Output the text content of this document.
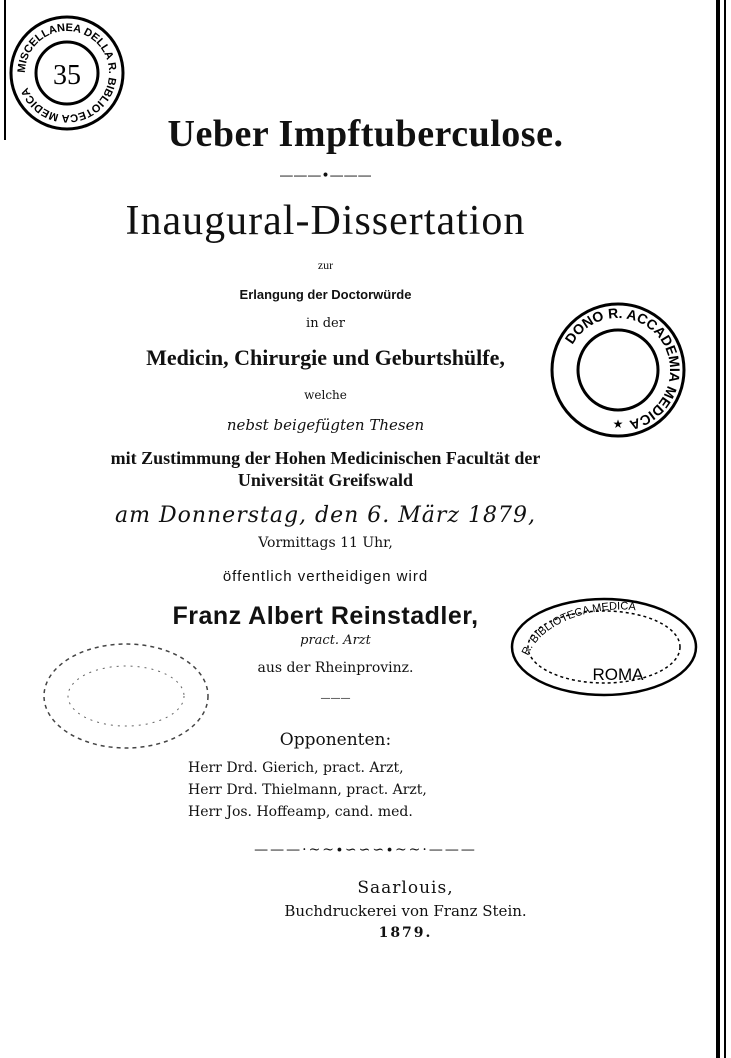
MISCELLANEA DELLA R. BIBLIOTECA MEDICA
35
DONO R. ACCADEMIA MEDICA
★
R. BIBLIOTECA MEDICA
ROMA
Ueber Impftuberculose.
———•———
Inaugural-Dissertation
zur
Erlangung der Doctorwürde
in der
Medicin, Chirurgie und Geburtshülfe,
welche
nebst beigefügten Thesen
mit Zustimmung der Hohen Medicinischen Facultät der
Universität Greifswald
am Donnerstag, den 6. März 1879,
Vormittags 11 Uhr,
öffentlich vertheidigen wird
Franz Albert Reinstadler,
pract. Arzt
aus der Rheinprovinz.
———
Opponenten:
Herr Drd. Gierich, pract. Arzt,
Herr Drd. Thielmann, pract. Arzt,
Herr Jos. Hoffeamp, cand. med.
———·~~∙∽∽∽∙~~·———
Saarlouis,
Buchdruckerei von Franz Stein.
1879.
